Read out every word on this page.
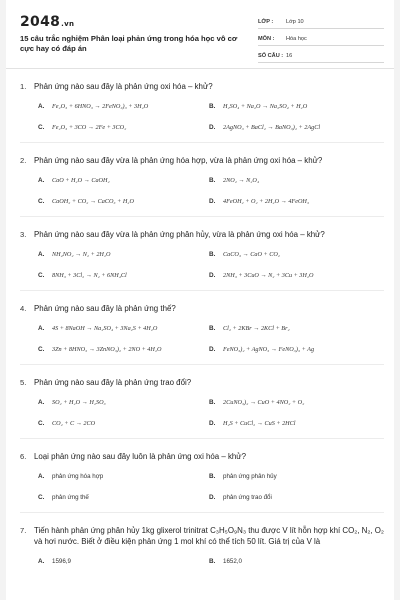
2048.vn
15 câu trắc nghiệm Phân loại phản ứng trong hóa học vô cơ cực hay có đáp án
LỚP :	Lớp 10
MÔN :	Hóa học
SỐ CÂU : 16
1. Phản ứng nào sau đây là phản ứng oxi hóa – khử?
A.	Fe₂O₃ + 6HNO₃ → 2FeNO₃)₃ + 3H₂O	B.	H₂SO₄ + Na₂O → Na₂SO₄ + H₂O
C.	Fe₂O₃ + 3CO → 2Fe + 3CO₂	D.	2AgNO₃ + BaCl₂ → BaNO₃)₂ + 2AgCl
2. Phản ứng nào sau đây vừa là phản ứng hóa hợp, vừa là phản ứng oxi hóa – khử?
A.	CaO + H₂O → CaOH₂	B.	2NO₂ → N₂O₄
C.	CaOH₂ + CO₂ → CaCO₃ + H₂O	D.	4FeOH₂ + O₂ + 2H₂O → 4FeOH₃
3. Phản ứng nào sau đây vừa là phản ứng phân hủy, vừa là phản ứng oxi hóa – khử?
A.	NH₄NO₂ → N₂ + 2H₂O	B.	CaCO₃ → CaO + CO₂
C.	8NH₃ + 3Cl₂ → N₂ + 6NH₄Cl	D.	2NH₃ + 3CuO → N₂ + 3Cu + 3H₂O
4. Phản ứng nào sau đây là phản ứng thế?
A.	4S + 8NaOH → Na₂SO₄ + 3Na₂S + 4H₂O	B.	Cl₂ + 2KBr → 2KCl + Br₂
C.	3Zn + 8HNO₃ → 3ZnNO₃)₂ + 2NO + 4H₂O	D.	FeNO₃)₂ + AgNO₃ → FeNO₃)₃ + Ag
5. Phản ứng nào sau đây là phản ứng trao đổi?
A.	SO₂ + H₂O → H₂SO₃	B.	2CuNO₃)₂ → CuO + 4NO₂ + O₂
C.	CO₂ + C → 2CO	D.	H₂S + CuCl₂ → CuS + 2HCl
6. Loại phản ứng nào sau đây luôn là phản ứng oxi hóa – khử?
A.	phản ứng hóa hợp	B.	phản ứng phân hủy
C.	phản ứng thế	D.	phản ứng trao đổi
7. Tiến hành phản ứng phân hủy 1kg glixerol trinitrat C₃H₅O₉N₃ thu được V lít hỗn hợp khí CO₂, N₂, O₂ và hơi nước. Biết ở điều kiện phản ứng 1 mol khí có thể tích 50 lít. Giá trị của V là
A.	1596,9	B.	1652,0
